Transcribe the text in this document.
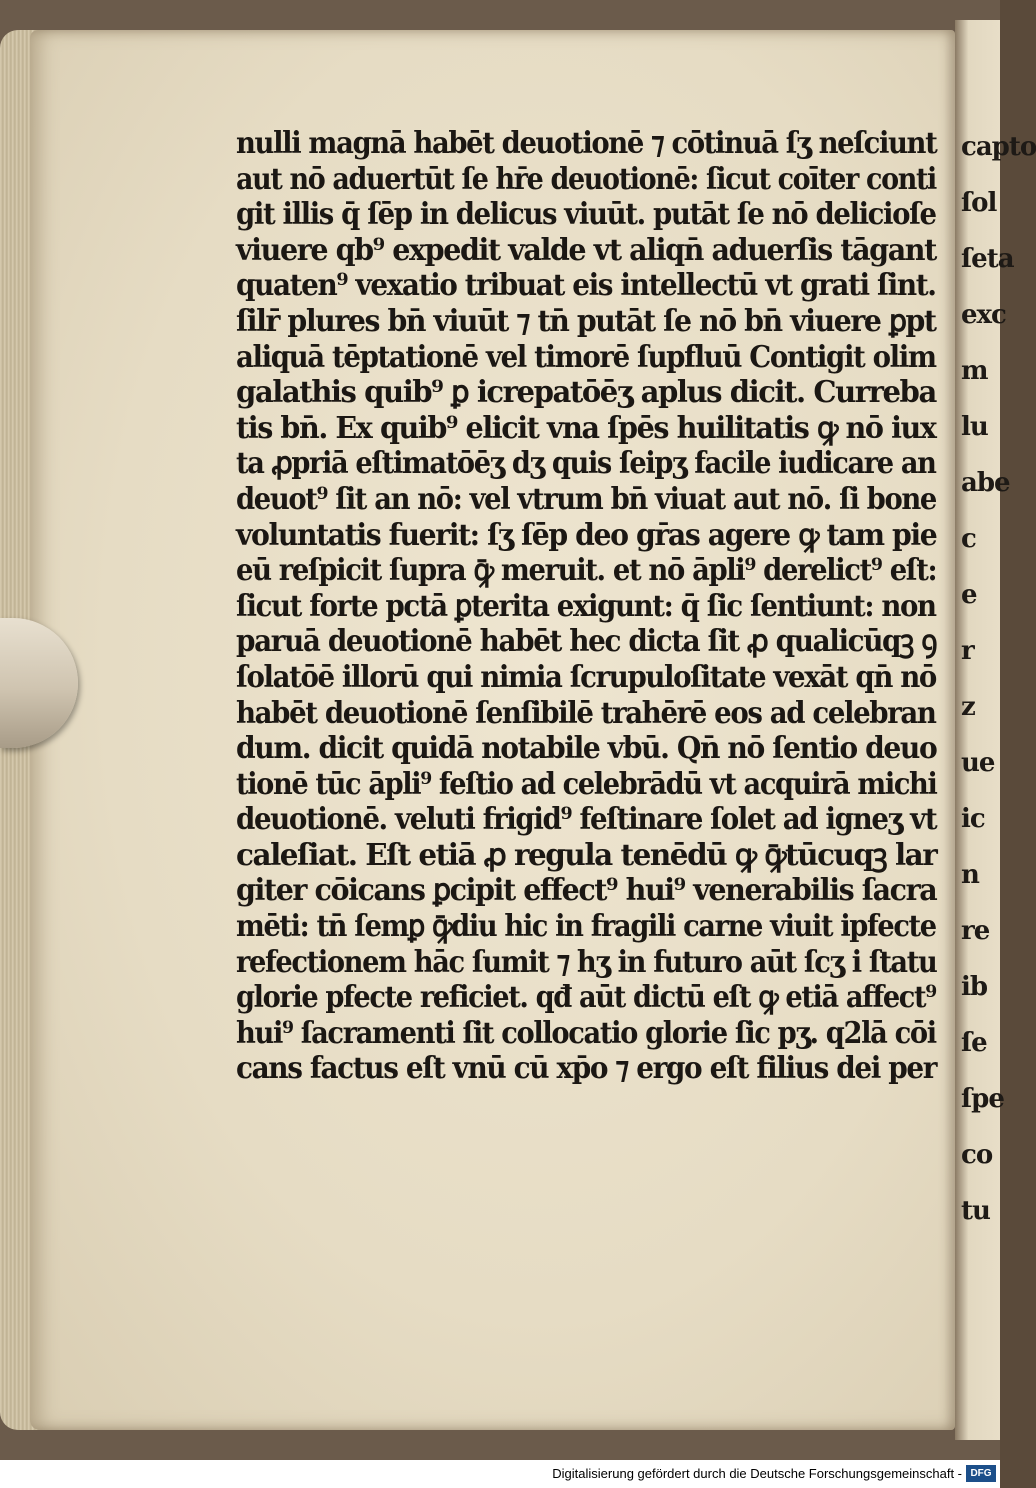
capto
ſol
ſeta
exc
m
lu
abe
c
e
r
z
ue
ic
n
re
ib
ſe
ſpe
co
tu
nulli magnā habēt deuotionē ⁊ cōtinuā ſʒ neſciunt
aut nō aduertūt ſe hr̄e deuotionē: ſicut coīter conti
git illis q̄ ſēp in delicus viuūt. putāt ſe nō delicioſe
viuere qb⁹ expedit valde vt aliqn̄ aduerſis tāgant
quaten⁹ vexatio tribuat eis intellectū vt grati ſint.
ſilr̄ plures bn̄ viuūt ⁊ tn̄ putāt ſe nō bn̄ viuere ꝑpt
aliquā tēptationē vel timorē ſupfluū Contigit olim
galathis quib⁹ ꝑ icrepatōēʒ aplus dicit. Curreba
tis bn̄. Ex quib⁹ elicit vna ſpēs huilitatis ꝙ nō iux
ta ꝓpriā eſtimatōēʒ dʒ quis ſeipʒ facile iudicare an
deuot⁹ ſit an nō: vel vtrum bn̄ viuat aut nō. ſi bone
voluntatis fuerit: ſʒ ſēp deo gr̄as agere ꝙ tam pie
eū reſpicit ſupra ꝙ̄ meruit. et nō āpli⁹ derelict⁹ eſt:
ſicut forte pctā ꝑterita exigunt: q̄ ſic ſentiunt: non
paruā deuotionē habēt hec dicta ſit ꝓ qualicūqꝫ ꝯ
ſolatōē illorū qui nimia ſcrupuloſitate vexāt qn̄ nō
habēt deuotionē ſenſibilē trahērē eos ad celebran
dum. dicit quidā notabile vbū. Qn̄ nō ſentio deuo
tionē tūc āpli⁹ feſtio ad celebrādū vt acquirā michi
deuotionē. veluti frigid⁹ feſtinare ſolet ad igneʒ vt
caleſiat. Eſt etiā ꝓ regula tenēdū ꝙ ꝙ̄tūcuqꝫ lar
giter cōicans ꝑcipit effect⁹ hui⁹ venerabilis ſacra
mēti: tn̄ ſemꝑ ꝙ̄diu hic in fragili carne viuit ipfecte
refectionem hāc ſumit ⁊ hʒ in futuro aūt ſcʒ i ſtatu
glorie pfecte reficiet. qđ aūt dictū eſt ꝙ etiā affect⁹
hui⁹ ſacramenti ſit collocatio glorie ſic pʒ. q2lā cōi
cans factus eſt vnū cū xp̄o ⁊ ergo eſt filius dei per
Digitalisierung gefördert durch die Deutsche Forschungsgemeinschaft - DFG
